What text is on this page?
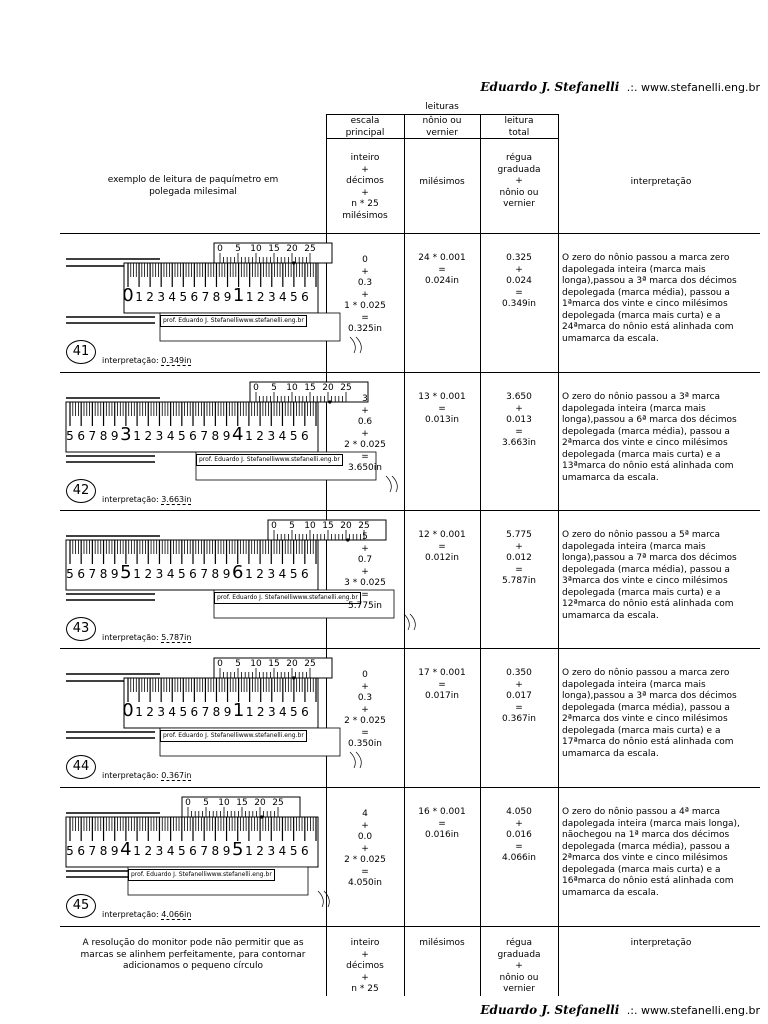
Eduardo J. Stefanelli .:. www.stefanelli.eng.br
leituras
escala
principal
nônio ou
vernier
leitura
total
exemplo de leitura de paquímetro em
polegada milesimal
inteiro
+
décimos
+
n * 25
milésimos
milésimos
régua
graduada
+
nônio ou
vernier
interpretação
0 1 2 3 4 5 6 7 8 9 1 1 2 3 4 5 6
0 5 10 15 20 25
prof. Eduardo J. Stefanelliwww.stefanelli.eng.br
41
interpretação: 0.349in
0
+
0.3
+
1 * 0.025
=
0.325in
24 * 0.001
=
0.024in
0.325
+
0.024
=
0.349in
O zero do nônio passou a marca zero dapolegada inteira (marca mais longa),passou a 3ª marca dos décimos depolegada (marca média), passou a 1ªmarca dos vinte e cinco milésimos depolegada (marca mais curta) e a 24ªmarca do nônio está alinhada com umamarca da escala.
5 6 7 8 9 3 1 2 3 4 5 6 7 8 9 4 1 2 3 4 5 6
0 5 10 15 20 25
prof. Eduardo J. Stefanelliwww.stefanelli.eng.br
42
interpretação: 3.663in
3
+
0.6
+
2 * 0.025
=
3.650in
13 * 0.001
=
0.013in
3.650
+
0.013
=
3.663in
O zero do nônio passou a 3ª marca dapolegada inteira (marca mais longa),passou a 6ª marca dos décimos depolegada (marca média), passou a 2ªmarca dos vinte e cinco milésimos depolegada (marca mais curta) e a 13ªmarca do nônio está alinhada com umamarca da escala.
5 6 7 8 9 5 1 2 3 4 5 6 7 8 9 6 1 2 3 4 5 6
0 5 10 15 20 25
prof. Eduardo J. Stefanelliwww.stefanelli.eng.br
43
interpretação: 5.787in
5
+
0.7
+
3 * 0.025
=
5.775in
12 * 0.001
=
0.012in
5.775
+
0.012
=
5.787in
O zero do nônio passou a 5ª marca dapolegada inteira (marca mais longa),passou a 7ª marca dos décimos depolegada (marca média), passou a 3ªmarca dos vinte e cinco milésimos depolegada (marca mais curta) e a 12ªmarca do nônio está alinhada com umamarca da escala.
0 1 2 3 4 5 6 7 8 9 1 1 2 3 4 5 6
0 5 10 15 20 25
prof. Eduardo J. Stefanelliwww.stefanelli.eng.br
44
interpretação: 0.367in
0
+
0.3
+
2 * 0.025
=
0.350in
17 * 0.001
=
0.017in
0.350
+
0.017
=
0.367in
O zero do nônio passou a marca zero dapolegada inteira (marca mais longa),passou a 3ª marca dos décimos depolegada (marca média), passou a 2ªmarca dos vinte e cinco milésimos depolegada (marca mais curta) e a 17ªmarca do nônio está alinhada com umamarca da escala.
5 6 7 8 9 4 1 2 3 4 5 6 7 8 9 5 1 2 3 4 5 6
0 5 10 15 20 25
prof. Eduardo J. Stefanelliwww.stefanelli.eng.br
45
interpretação: 4.066in
4
+
0.0
+
2 * 0.025
=
4.050in
16 * 0.001
=
0.016in
4.050
+
0.016
=
4.066in
O zero do nônio passou a 4ª marca dapolegada inteira (marca mais longa), nãochegou na 1ª marca dos décimos depolegada (marca média), passou a 2ªmarca dos vinte e cinco milésimos depolegada (marca mais curta) e a 16ªmarca do nônio está alinhada com umamarca da escala.
A resolução do monitor pode não permitir que as
marcas se alinhem perfeitamente, para contornar
adicionamos o pequeno círculo
inteiro
+
décimos
+
n * 25
milésimos	régua
graduada
+
nônio ou
vernier
interpretação
Eduardo J. Stefanelli .:. www.stefanelli.eng.br
